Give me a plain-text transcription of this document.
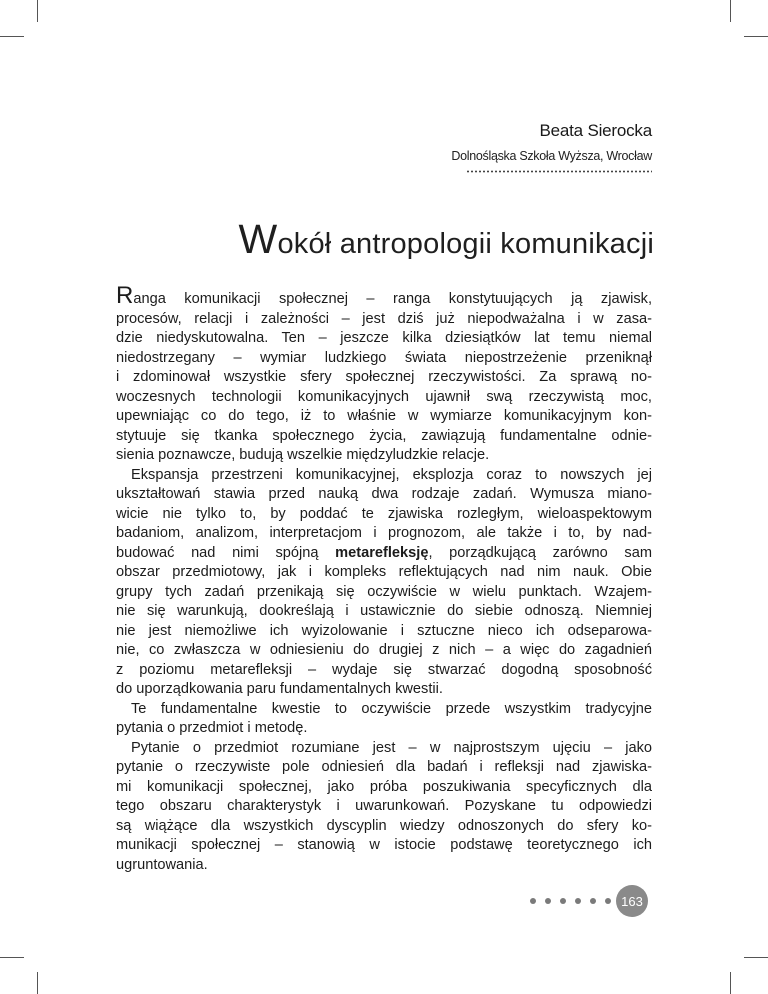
Beata Sierocka
Dolnośląska Szkoła Wyższa, Wrocław
Wokół antropologii komunikacji
Ranga komunikacji społecznej – ranga konstytuujących ją zjawisk,
procesów, relacji i zależności – jest dziś już niepodważalna i w zasa-
dzie niedyskutowalna. Ten – jeszcze kilka dziesiątków lat temu niemal
niedostrzegany – wymiar ludzkiego świata niepostrzeżenie przeniknął
i zdominował wszystkie sfery społecznej rzeczywistości. Za sprawą no-
woczesnych technologii komunikacyjnych ujawnił swą rzeczywistą moc,
upewniając co do tego, iż to właśnie w wymiarze komunikacyjnym kon-
stytuuje się tkanka społecznego życia, zawiązują fundamentalne odnie-
sienia poznawcze, budują wszelkie międzyludzkie relacje.
Ekspansja przestrzeni komunikacyjnej, eksplozja coraz to nowszych jej
ukształtowań stawia przed nauką dwa rodzaje zadań. Wymusza miano-
wicie nie tylko to, by poddać te zjawiska rozległym, wieloaspektowym
badaniom, analizom, interpretacjom i prognozom, ale także i to, by nad-
budować nad nimi spójną metarefleksję, porządkującą zarówno sam
obszar przedmiotowy, jak i kompleks reflektujących nad nim nauk. Obie
grupy tych zadań przenikają się oczywiście w wielu punktach. Wzajem-
nie się warunkują, dookreślają i ustawicznie do siebie odnoszą. Niemniej
nie jest niemożliwe ich wyizolowanie i sztuczne nieco ich odseparowa-
nie, co zwłaszcza w odniesieniu do drugiej z nich – a więc do zagadnień
z poziomu metarefleksji – wydaje się stwarzać dogodną sposobność
do uporządkowania paru fundamentalnych kwestii.
Te fundamentalne kwestie to oczywiście przede wszystkim tradycyjne
pytania o przedmiot i metodę.
Pytanie o przedmiot rozumiane jest – w najprostszym ujęciu – jako
pytanie o rzeczywiste pole odniesień dla badań i refleksji nad zjawiska-
mi komunikacji społecznej, jako próba poszukiwania specyficznych dla
tego obszaru charakterystyk i uwarunkowań. Pozyskane tu odpowiedzi
są wiążące dla wszystkich dyscyplin wiedzy odnoszonych do sfery ko-
munikacji społecznej – stanowią w istocie podstawę teoretycznego ich
ugruntowania.
163
